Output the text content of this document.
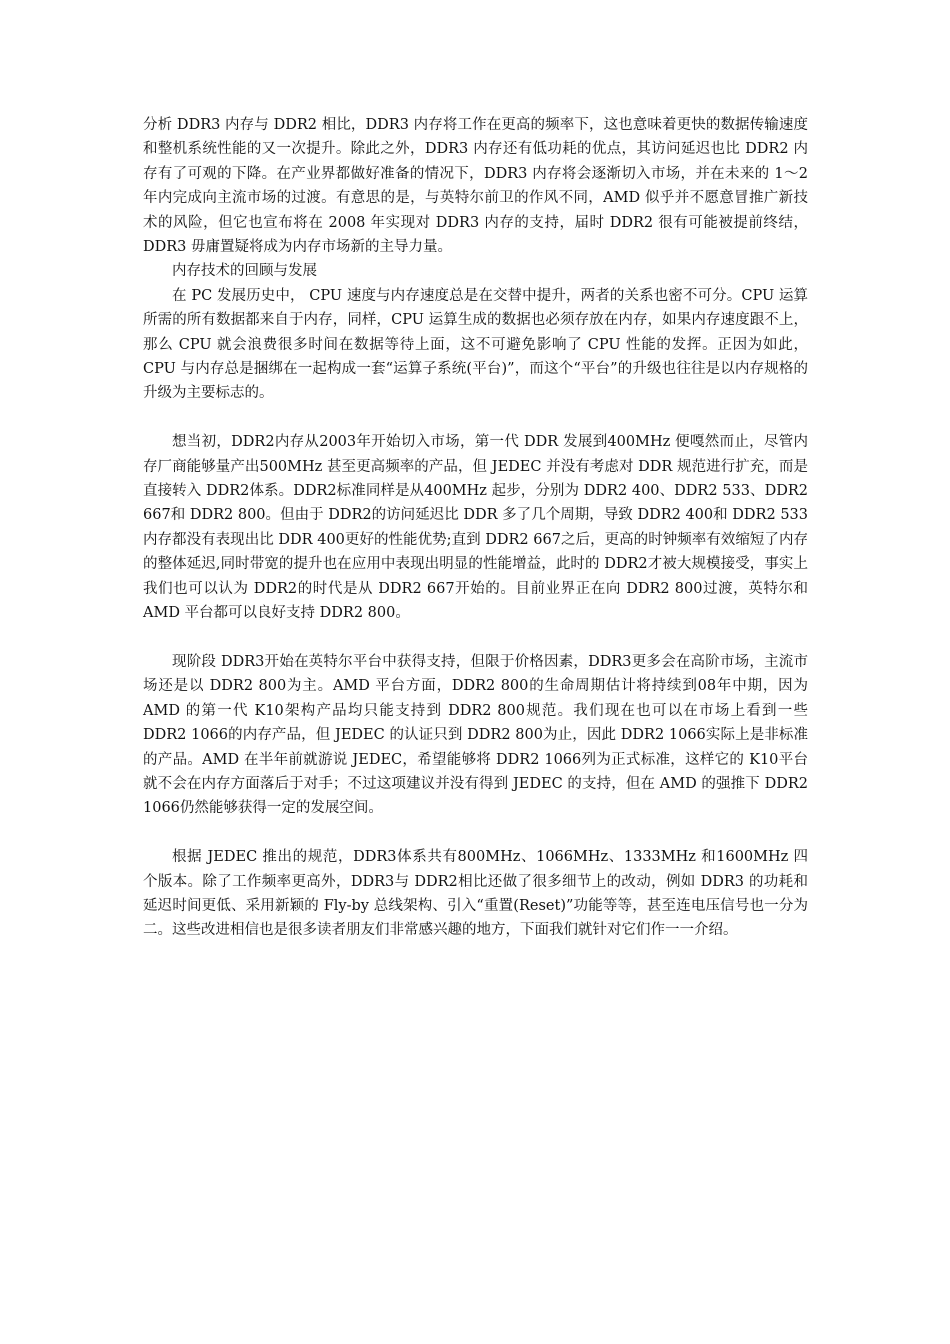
分析 DDR3 内存与 DDR2 相比，DDR3 内存将工作在更高的频率下，这也意味着更快的数据传输速度和整机系统性能的又一次提升。除此之外，DDR3 内存还有低功耗的优点，其访问延迟也比 DDR2 内存有了可观的下降。在产业界都做好准备的情况下，DDR3 内存将会逐渐切入市场，并在未来的 1～2 年内完成向主流市场的过渡。有意思的是，与英特尔前卫的作风不同，AMD 似乎并不愿意冒推广新技术的风险，但它也宣布将在 2008 年实现对 DDR3 内存的支持，届时 DDR2 很有可能被提前终结，DDR3 毋庸置疑将成为内存市场新的主导力量。

内存技术的回顾与发展

在 PC 发展历史中， CPU 速度与内存速度总是在交替中提升，两者的关系也密不可分。CPU 运算所需的所有数据都来自于内存，同样，CPU 运算生成的数据也必须存放在内存，如果内存速度跟不上，那么 CPU 就会浪费很多时间在数据等待上面，这不可避免影响了 CPU 性能的发挥。正因为如此，CPU 与内存总是捆绑在一起构成一套“运算子系统(平台)”，而这个“平台”的升级也往往是以内存规格的升级为主要标志的。

想当初，DDR2内存从2003年开始切入市场，第一代 DDR 发展到400MHz 便嘎然而止，尽管内存厂商能够量产出500MHz 甚至更高频率的产品，但 JEDEC 并没有考虑对 DDR 规范进行扩充，而是直接转入 DDR2体系。DDR2标准同样是从400MHz 起步，分别为 DDR2 400、DDR2 533、DDR2 667和 DDR2 800。但由于 DDR2的访问延迟比 DDR 多了几个周期，导致 DDR2 400和 DDR2 533内存都没有表现出比 DDR 400更好的性能优势;直到 DDR2 667之后，更高的时钟频率有效缩短了内存的整体延迟,同时带宽的提升也在应用中表现出明显的性能增益，此时的 DDR2才被大规模接受，事实上我们也可以认为 DDR2的时代是从 DDR2 667开始的。目前业界正在向 DDR2 800过渡，英特尔和 AMD 平台都可以良好支持 DDR2 800。

现阶段 DDR3开始在英特尔平台中获得支持，但限于价格因素，DDR3更多会在高阶市场，主流市场还是以 DDR2 800为主。AMD 平台方面，DDR2 800的生命周期估计将持续到08年中期，因为 AMD 的第一代 K10架构产品均只能支持到 DDR2 800规范。我们现在也可以在市场上看到一些 DDR2 1066的内存产品，但 JEDEC 的认证只到 DDR2 800为止，因此 DDR2 1066实际上是非标准的产品。AMD 在半年前就游说 JEDEC，希望能够将 DDR2 1066列为正式标准，这样它的 K10平台就不会在内存方面落后于对手；不过这项建议并没有得到 JEDEC 的支持，但在 AMD 的强推下 DDR2 1066仍然能够获得一定的发展空间。

根据 JEDEC 推出的规范，DDR3体系共有800MHz、1066MHz、1333MHz 和1600MHz 四个版本。除了工作频率更高外，DDR3与 DDR2相比还做了很多细节上的改动，例如 DDR3 的功耗和延迟时间更低、采用新颖的 Fly-by 总线架构、引入“重置(Reset)”功能等等，甚至连电压信号也一分为二。这些改进相信也是很多读者朋友们非常感兴趣的地方，下面我们就针对它们作一一介绍。
